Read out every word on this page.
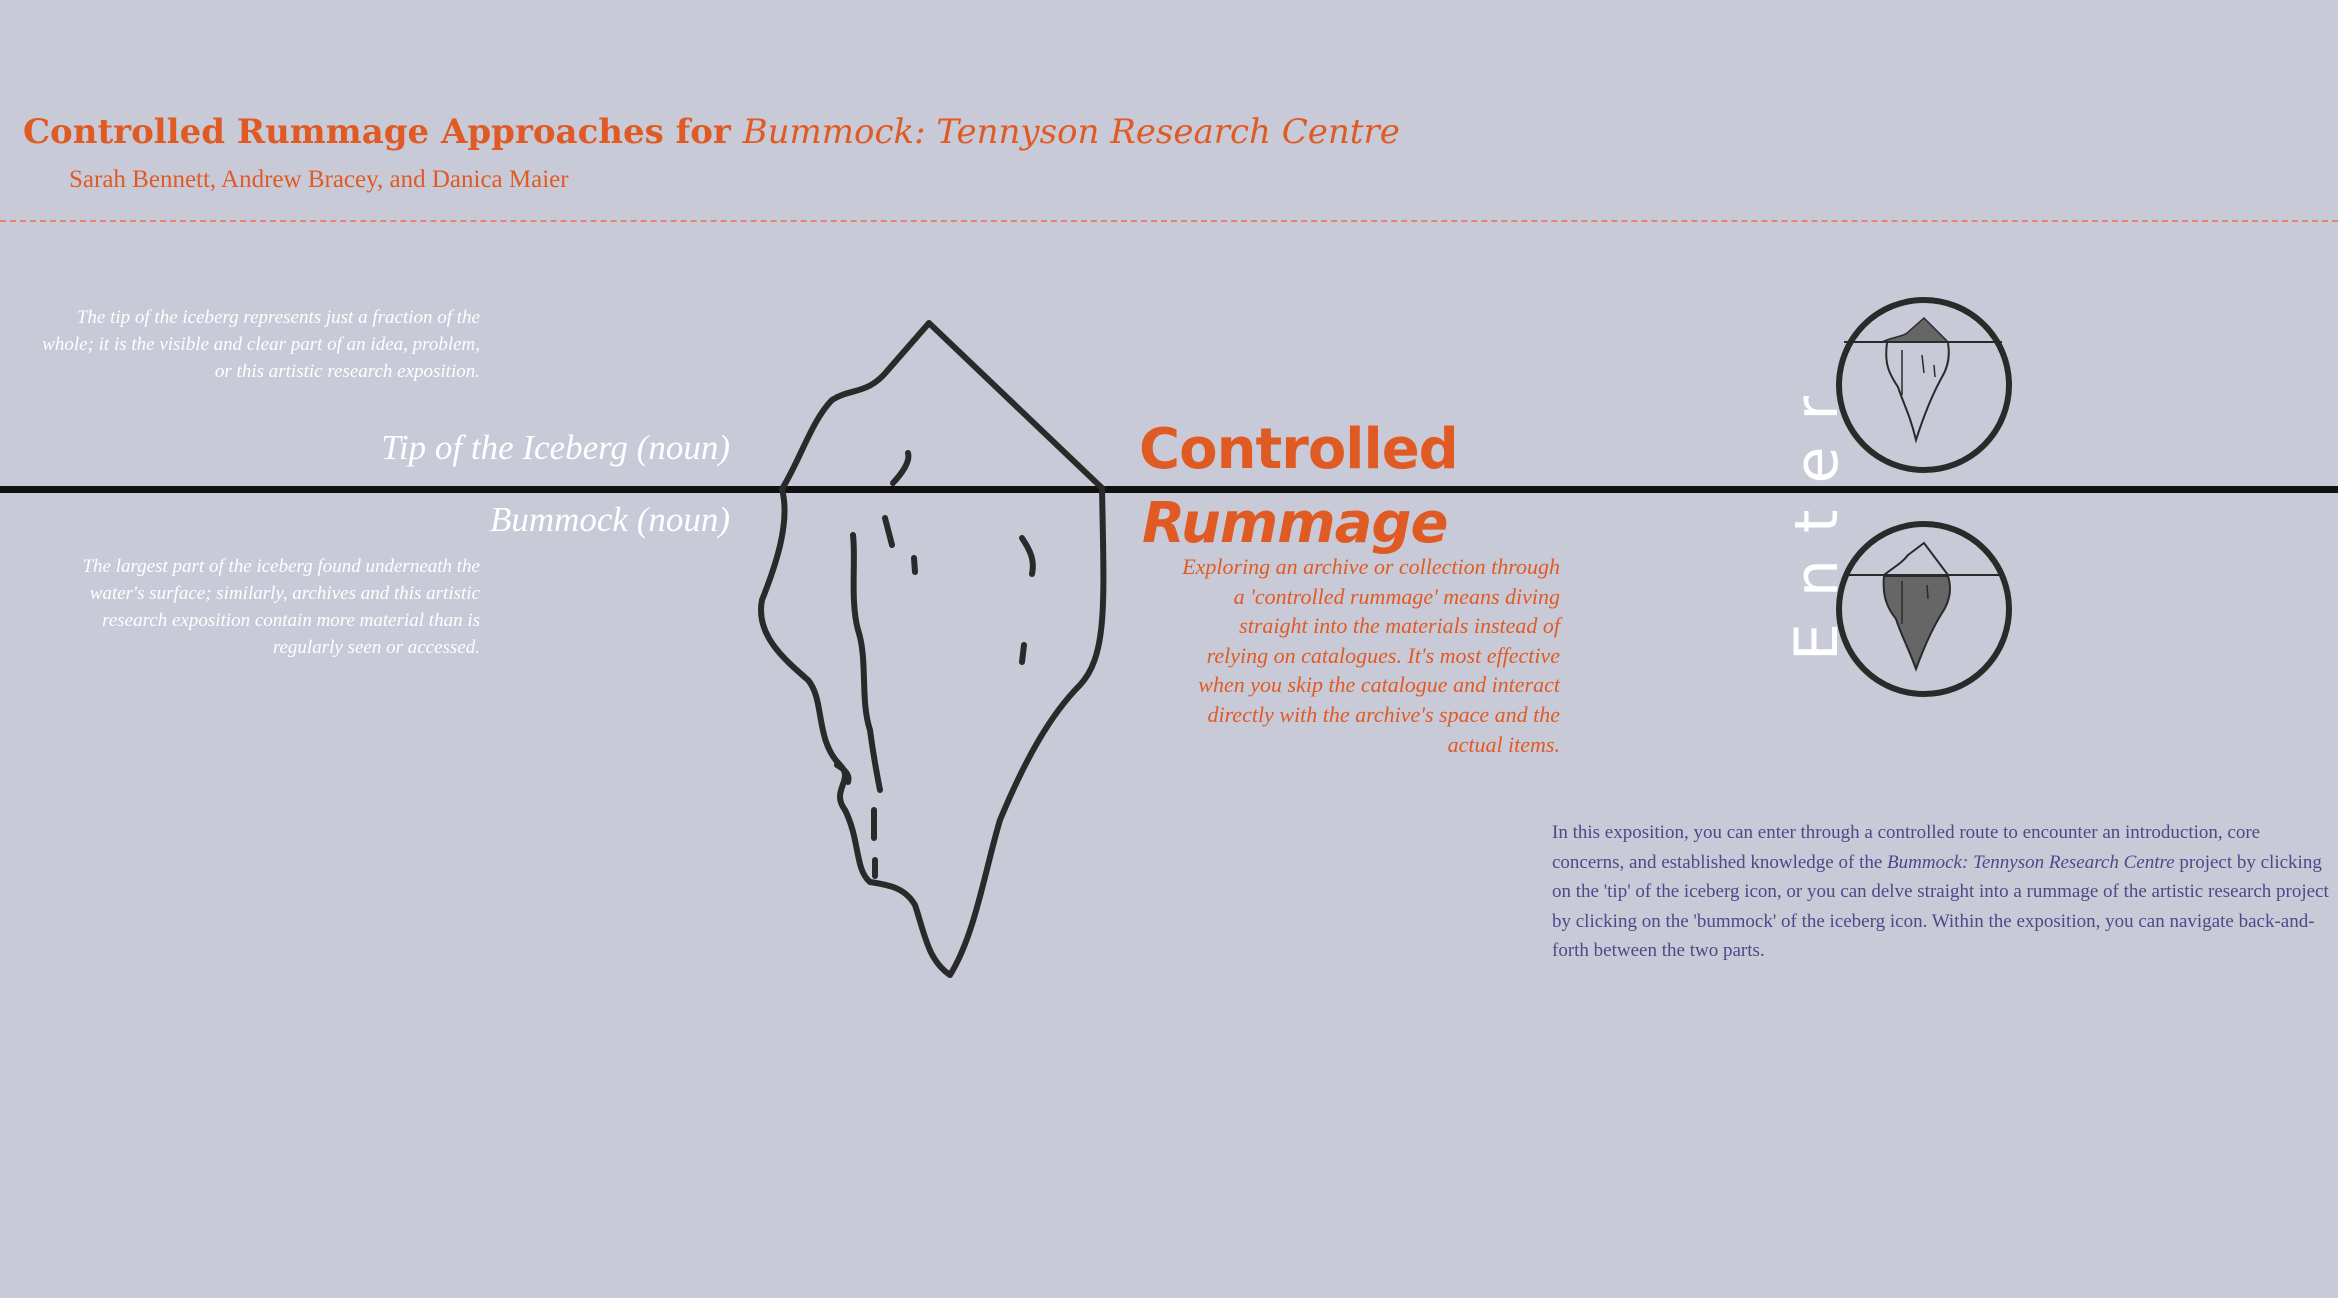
Controlled Rummage Approaches for Bummock: Tennyson Research Centre
Sarah Bennett, Andrew Bracey, and Danica Maier
The tip of the iceberg represents just a fraction of the whole; it is the visible and clear part of an idea, problem, or this artistic research exposition.
Tip of the Iceberg (noun)
Bummock (noun)
The largest part of the iceberg found underneath the water's surface; similarly, archives and this artistic research exposition contain more material than is regularly seen or accessed.
Controlled
Rummage
Exploring an archive or collection through a 'controlled rummage' means diving straight into the materials instead of relying on catalogues. It's most effective when you skip the catalogue and interact directly with the archive's space and the actual items.
Enter
In this exposition, you can enter through a controlled route to encounter an introduction, core concerns, and established knowledge of the Bummock: Tennyson Research Centre project by clicking on the 'tip' of the iceberg icon, or you can delve straight into a rummage of the artistic research project by clicking on the 'bummock' of the iceberg icon. Within the exposition, you can navigate back-and-forth between the two parts.
